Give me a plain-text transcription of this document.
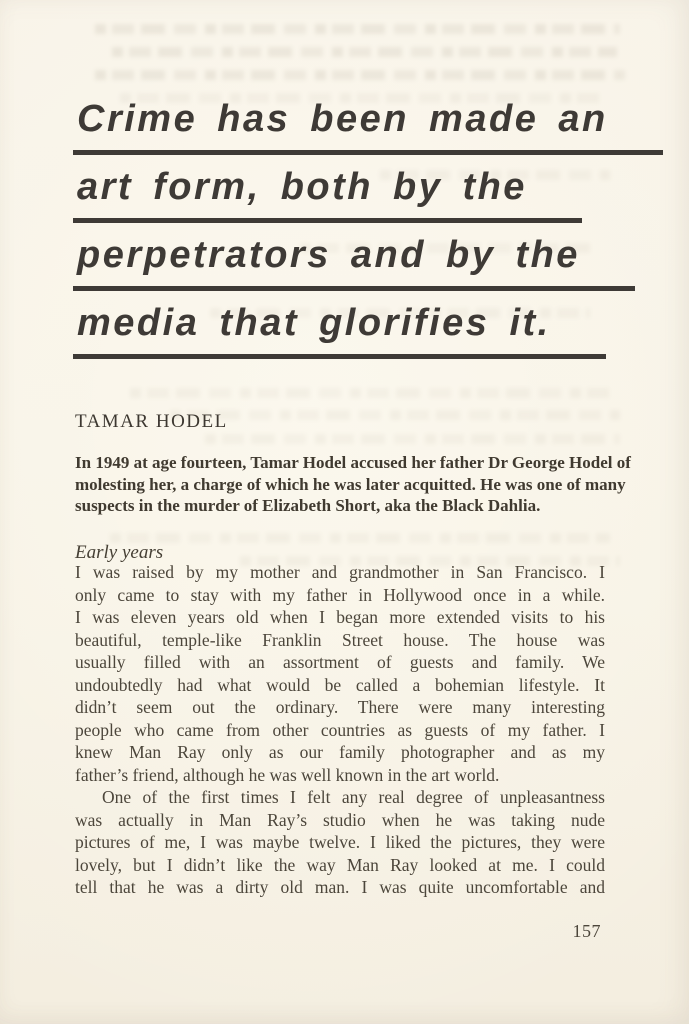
Crime has been made an
art form, both by the
perpetrators and by the
media that glorifies it.
TAMAR HODEL
In 1949 at age fourteen, Tamar Hodel accused her father Dr George Hodel of
molesting her, a charge of which he was later acquitted. He was one of many
suspects in the murder of Elizabeth Short, aka the Black Dahlia.
Early years
I was raised by my mother and grandmother in San Francisco. I
only came to stay with my father in Hollywood once in a while.
I was eleven years old when I began more extended visits to his
beautiful, temple-like Franklin Street house. The house was
usually filled with an assortment of guests and family. We
undoubtedly had what would be called a bohemian lifestyle. It
didn’t seem out the ordinary. There were many interesting
people who came from other countries as guests of my father. I
knew Man Ray only as our family photographer and as my
father’s friend, although he was well known in the art world.
One of the first times I felt any real degree of unpleasantness
was actually in Man Ray’s studio when he was taking nude
pictures of me, I was maybe twelve. I liked the pictures, they were
lovely, but I didn’t like the way Man Ray looked at me. I could
tell that he was a dirty old man. I was quite uncomfortable and
157
